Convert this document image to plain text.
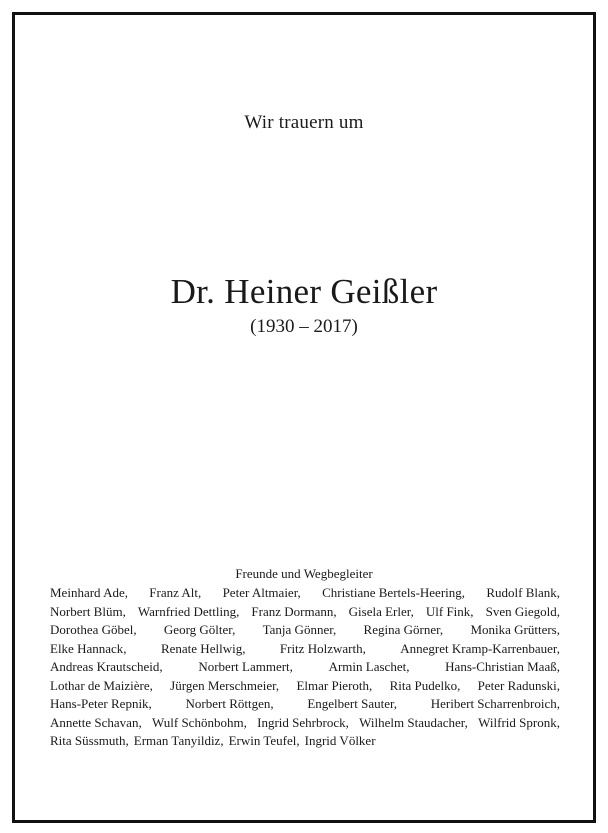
Wir trauern um
Dr. Heiner Geißler
(1930 – 2017)
Freunde und Wegbegleiter
Meinhard Ade, Franz Alt, Peter Altmaier, Christiane Bertels-Heering, Rudolf Blank,
Norbert Blüm, Warnfried Dettling, Franz Dormann, Gisela Erler, Ulf Fink, Sven Giegold,
Dorothea Göbel, Georg Gölter, Tanja Gönner, Regina Görner, Monika Grütters,
Elke Hannack,	Renate Hellwig,	Fritz Holzwarth,	Annegret Kramp-Karrenbauer,
Andreas Krautscheid,	Norbert Lammert,	Armin Laschet,	Hans-Christian Maaß,
Lothar de Maizière, Jürgen Merschmeier, Elmar Pieroth, Rita Pudelko, Peter Radunski,
Hans-Peter Repnik,	Norbert Röttgen,	Engelbert Sauter,	Heribert Scharrenbroich,
Annette Schavan, Wulf Schönbohm, Ingrid Sehrbrock, Wilhelm Staudacher, Wilfrid Spronk,
Rita Süssmuth, Erman Tanyildiz, Erwin Teufel, Ingrid Völker
